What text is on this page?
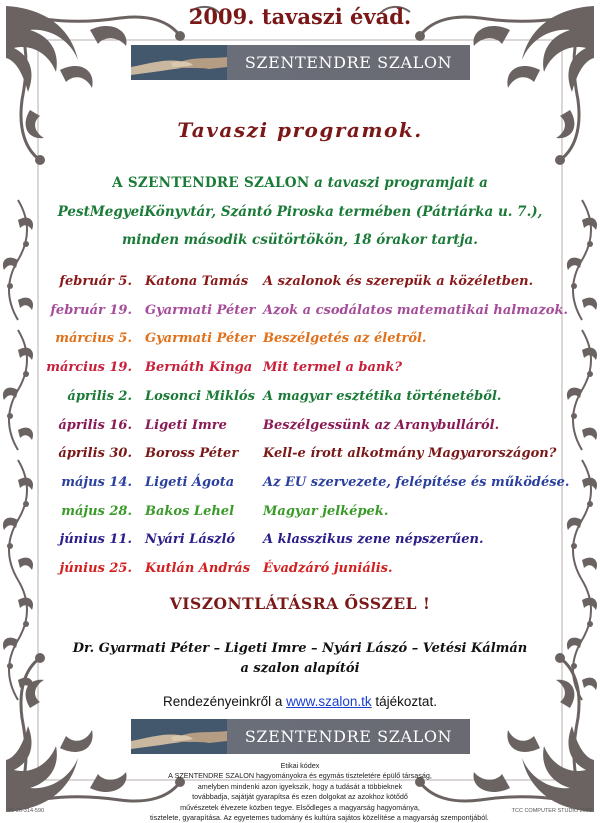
2009. tavaszi évad.
SZENTENDRE SZALON
Tavaszi programok.
A SZENTENDRE SZALON a tavaszi programjait a
PestMegyeiKönyvtár, Szántó Piroska termében (Pátriárka u. 7.),
minden második csütörtökön, 18 órakor tartja.
február 5. Katona Tamás A szalonok és szerepük a közéletben.
február 19. Gyarmati Péter Azok a csodálatos matematikai halmazok.
március 5. Gyarmati Péter Beszélgetés az életről.
március 19. Bernáth Kinga Mit termel a bank?
április 2. Losonci Miklós A magyar esztétika történetéből.
április 16. Ligeti Imre	Beszélgessünk az Aranybulláról.
április 30. Boross Péter Kell-e írott alkotmány Magyarországon?
május 14. Ligeti Ágota Az EU szervezete, felépítése és működése.
május 28. Bakos Lehel Magyar jelképek.
június 11. Nyári László A klasszikus zene népszerűen.
június 25. Kutlán András Évadzáró juniális.
VISZONTLÁTÁSRA ŐSSZEL !
Dr. Gyarmati Péter – Ligeti Imre – Nyári Lászó – Vetési Kálmán
a szalon alapítói
Rendezényeinkről a www.szalon.tk tájékoztat.
SZENTENDRE SZALON
Etikai kódex
A SZENTENDRE SZALON hagyományokra és egymás tiszteletére épülő társaság,
amelyben mindenki azon igyekszik, hogy a tudását a többieknek
továbbadja, sajátját gyarapítsa és ezen dolgokat az azokhoz kötődő
művészetek élvezete közben tegye. Elsődleges a magyarság hagyománya,
tisztelete, gyarapítása. Az egyetemes tudomány és kultúra sajátos közelítése a magyarság szempontjából.
06-26-314-590	TCC COMPUTER STUDIO 2008
